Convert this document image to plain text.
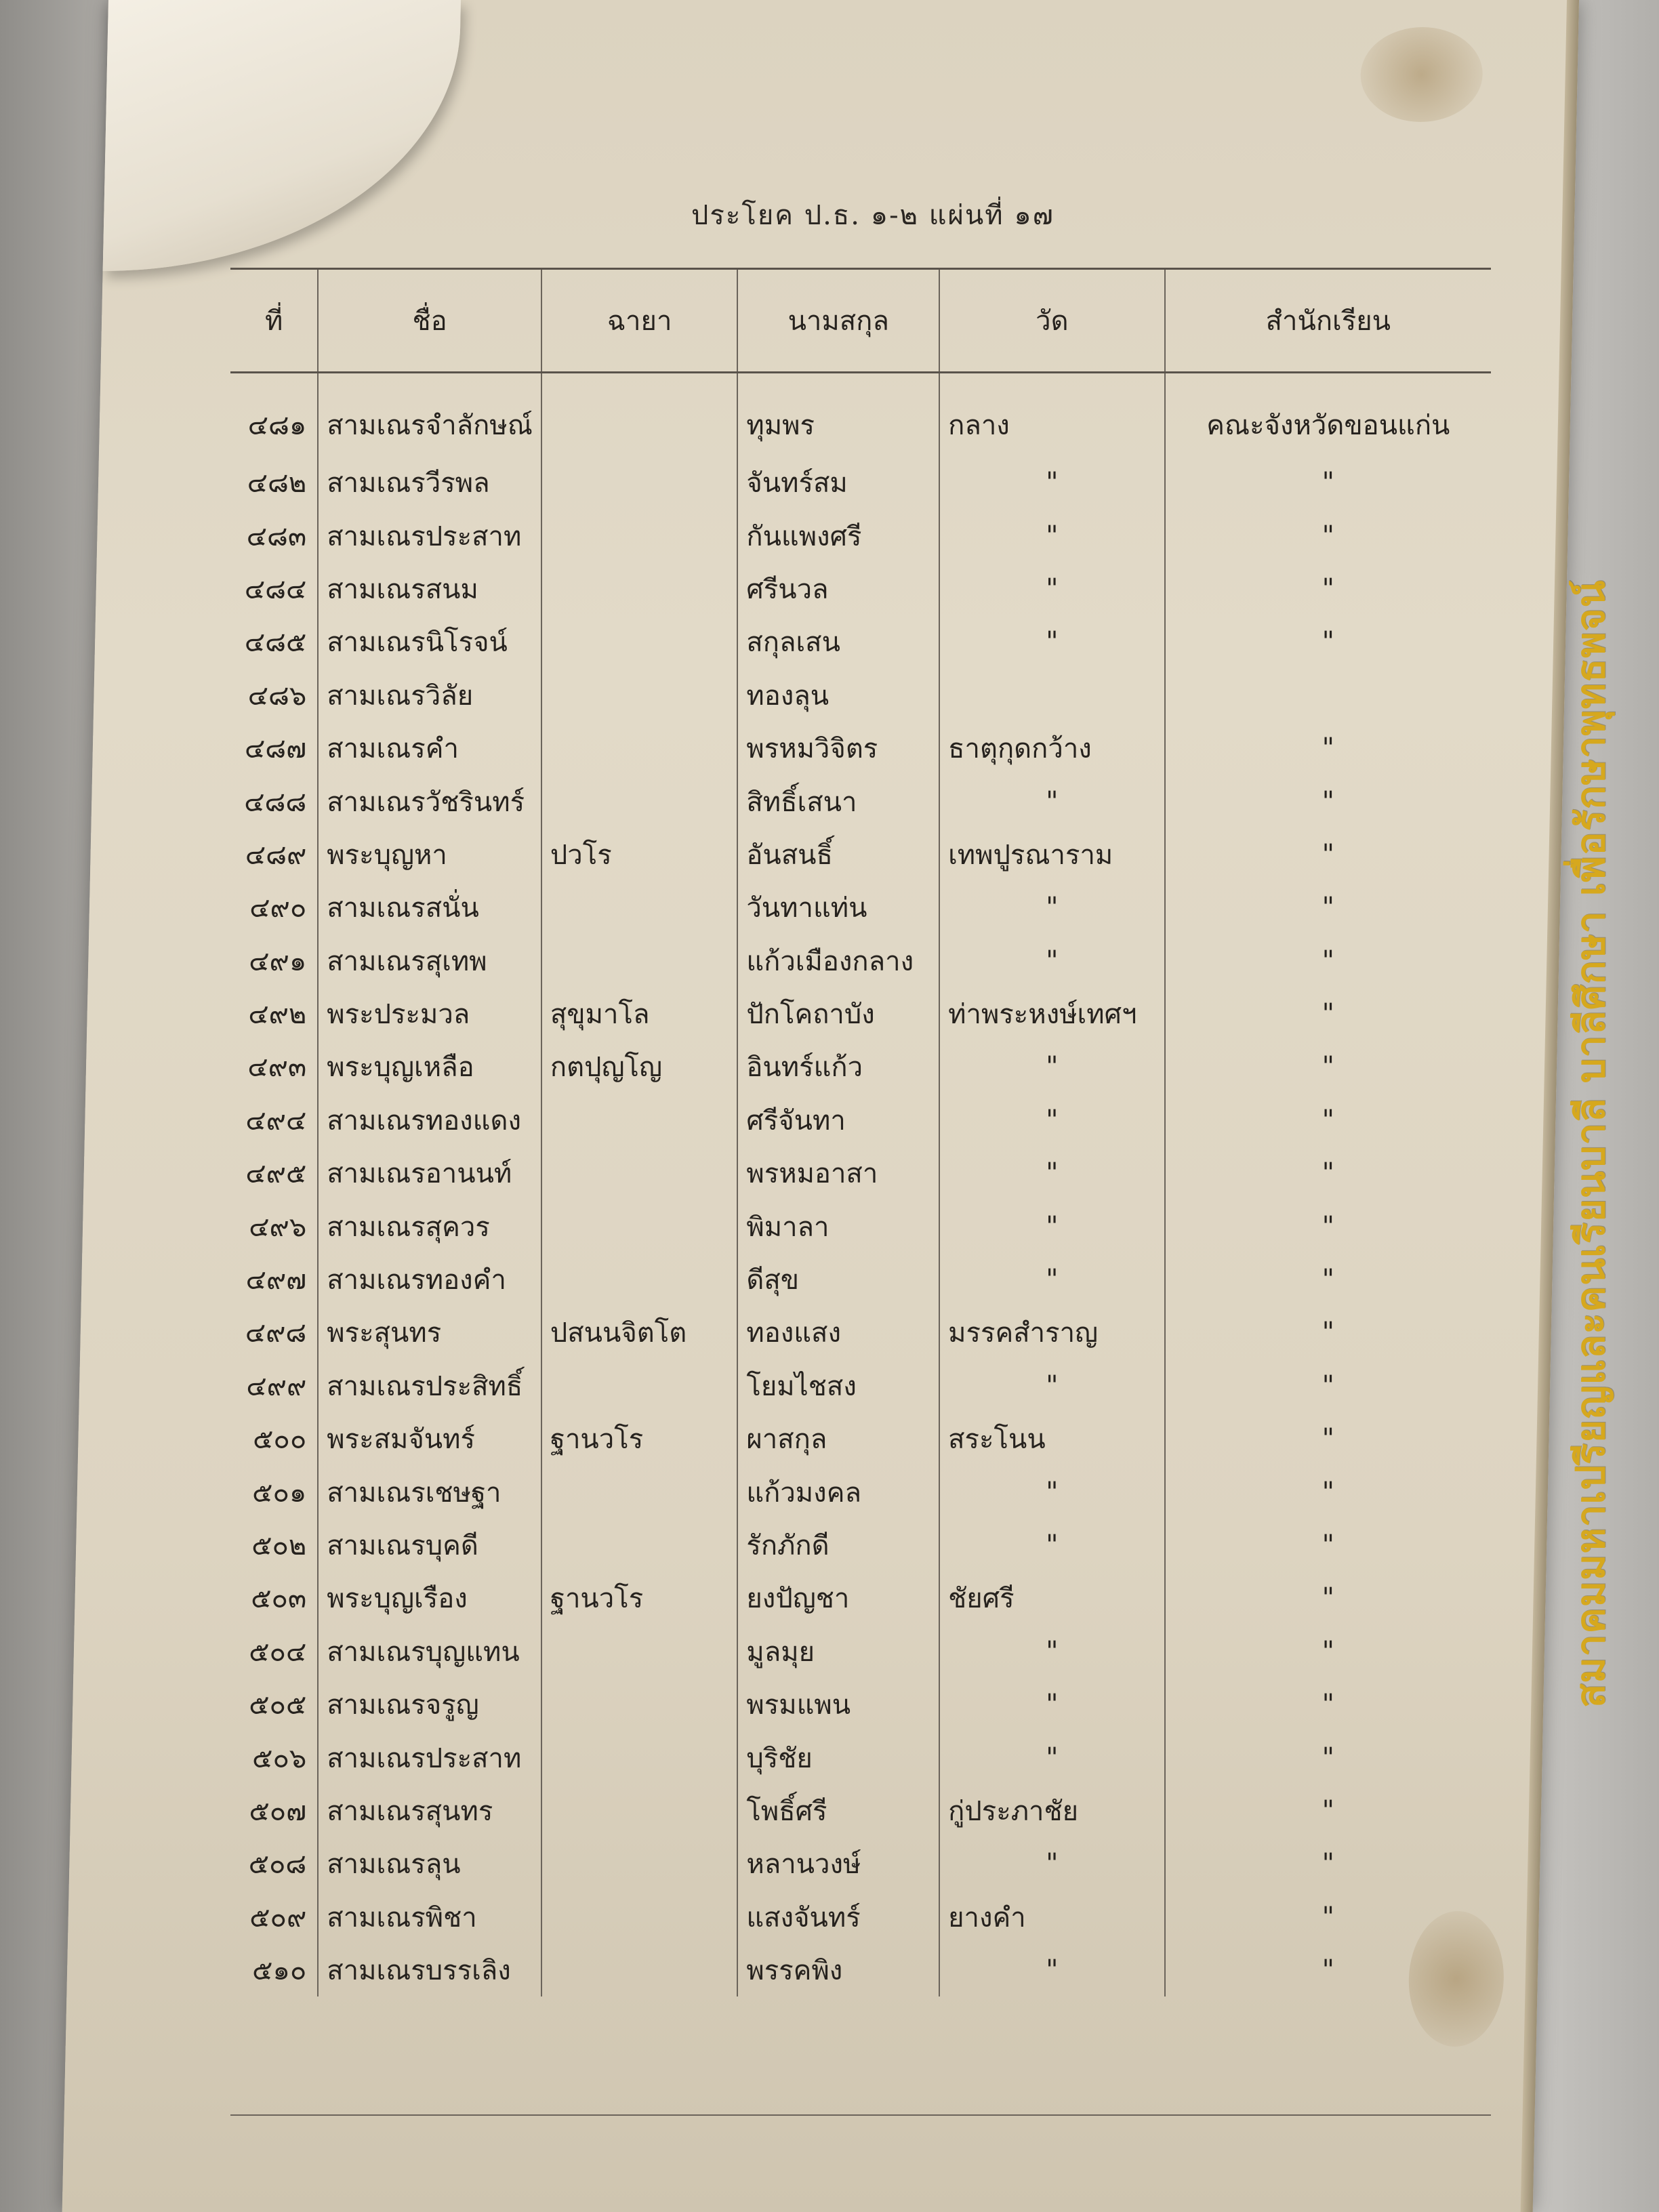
ประโยค ป.ธ. ๑-๒ แผ่นที่ ๑๗
ที่	ชื่อ	ฉายา	นามสกุล	วัด	สำนักเรียน
๔๘๑	สามเณรจำลักษณ์		ทุมพร	กลาง	คณะจังหวัดขอนแก่น
๔๘๒	สามเณรวีรพล		จันทร์สม	"	"
๔๘๓	สามเณรประสาท		กันแพงศรี	"	"
๔๘๔	สามเณรสนม		ศรีนวล	"	"
๔๘๕	สามเณรนิโรจน์		สกุลเสน	"	"
๔๘๖	สามเณรวิลัย		ทองลุน		
๔๘๗	สามเณรคำ		พรหมวิจิตร	ธาตุกุดกว้าง	"
๔๘๘	สามเณรวัชรินทร์		สิทธิ์เสนา	"	"
๔๘๙	พระบุญหา	ปวโร	อันสนธิ์	เทพปูรณาราม	"
๔๙๐	สามเณรสนั่น		วันทาแท่น	"	"
๔๙๑	สามเณรสุเทพ		แก้วเมืองกลาง	"	"
๔๙๒	พระประมวล	สุขุมาโล	ปักโคถาบัง	ท่าพระหงษ์เทศฯ	"
๔๙๓	พระบุญเหลือ	กตปุญโญ	อินทร์แก้ว	"	"
๔๙๔	สามเณรทองแดง		ศรีจันทา	"	"
๔๙๕	สามเณรอานนท์		พรหมอาสา	"	"
๔๙๖	สามเณรสุควร		พิมาลา	"	"
๔๙๗	สามเณรทองคำ		ดีสุข	"	"
๔๙๘	พระสุนทร	ปสนนจิตโต	ทองแสง	มรรคสำราญ	"
๔๙๙	สามเณรประสิทธิ์		โยมไชสง	"	"
๕๐๐	พระสมจันทร์	ฐานวโร	ผาสกุล	สระโนน	"
๕๐๑	สามเณรเชษฐา		แก้วมงคล	"	"
๕๐๒	สามเณรบุคดี		รักภักดี	"	"
๕๐๓	พระบุญเรือง	ฐานวโร	ยงปัญชา	ชัยศรี	"
๕๐๔	สามเณรบุญแทน		มูลมุย	"	"
๕๐๕	สามเณรจรูญ		พรมแพน	"	"
๕๐๖	สามเณรประสาท		บุริชัย	"	"
๕๐๗	สามเณรสุนทร		โพธิ์ศรี	กู่ประภาชัย	"
๕๐๘	สามเณรลุน		หลานวงษ์	"	"
๕๐๙	สามเณรพิชา		แสงจันทร์	ยางคำ	"
๕๑๐	สามเณรบรรเลิง		พรรคพิง	"	"
สมาคมมหาเปรียญและคนเรียนบาลี บาลีศึกษา เพื่อรักษาพุทธพจน์
